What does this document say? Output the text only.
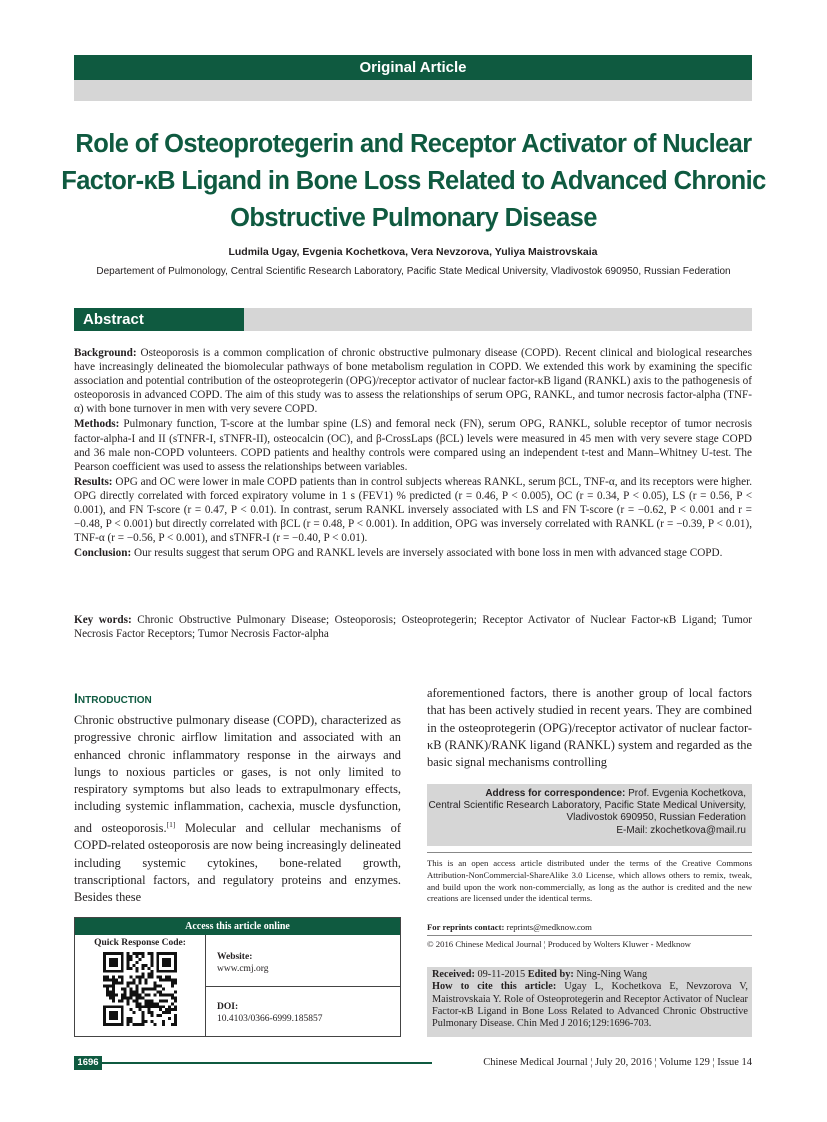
Original Article
Role of Osteoprotegerin and Receptor Activator of Nuclear Factor-κB Ligand in Bone Loss Related to Advanced Chronic Obstructive Pulmonary Disease
Ludmila Ugay, Evgenia Kochetkova, Vera Nevzorova, Yuliya Maistrovskaia
Departement of Pulmonology, Central Scientific Research Laboratory, Pacific State Medical University, Vladivostok 690950, Russian Federation
Abstract

Background: Osteoporosis is a common complication of chronic obstructive pulmonary disease (COPD). Recent clinical and biological researches have increasingly delineated the biomolecular pathways of bone metabolism regulation in COPD. We extended this work by examining the specific association and potential contribution of the osteoprotegerin (OPG)/receptor activator of nuclear factor-κB ligand (RANKL) axis to the pathogenesis of osteoporosis in advanced COPD. The aim of this study was to assess the relationships of serum OPG, RANKL, and tumor necrosis factor-alpha (TNF-α) with bone turnover in men with very severe COPD.

Methods: Pulmonary function, T-score at the lumbar spine (LS) and femoral neck (FN), serum OPG, RANKL, soluble receptor of tumor necrosis factor-alpha-I and II (sTNFR-I, sTNFR-II), osteocalcin (OC), and β-CrossLaps (βCL) levels were measured in 45 men with very severe stage COPD and 36 male non-COPD volunteers. COPD patients and healthy controls were compared using an independent t-test and Mann–Whitney U-test. The Pearson coefficient was used to assess the relationships between variables.

Results: OPG and OC were lower in male COPD patients than in control subjects whereas RANKL, serum βCL, TNF-α, and its receptors were higher. OPG directly correlated with forced expiratory volume in 1 s (FEV1) % predicted (r = 0.46, P < 0.005), OC (r = 0.34, P < 0.05), LS (r = 0.56, P < 0.001), and FN T-score (r = 0.47, P < 0.01). In contrast, serum RANKL inversely associated with LS and FN T-score (r = −0.62, P < 0.001 and r = −0.48, P < 0.001) but directly correlated with βCL (r = 0.48, P < 0.001). In addition, OPG was inversely correlated with RANKL (r = −0.39, P < 0.01), TNF-α (r = −0.56, P < 0.001), and sTNFR-I (r = −0.40, P < 0.01).

Conclusion: Our results suggest that serum OPG and RANKL levels are inversely associated with bone loss in men with advanced stage COPD.

Key words: Chronic Obstructive Pulmonary Disease; Osteoporosis; Osteoprotegerin; Receptor Activator of Nuclear Factor-κB Ligand; Tumor Necrosis Factor Receptors; Tumor Necrosis Factor-alpha
Introduction
Chronic obstructive pulmonary disease (COPD), characterized as progressive chronic airflow limitation and associated with an enhanced chronic inflammatory response in the airways and lungs to noxious particles or gases, is not only limited to respiratory symptoms but also leads to extrapulmonary effects, including systemic inflammation, cachexia, muscle dysfunction, and osteoporosis.[1] Molecular and cellular mechanisms of COPD-related osteoporosis are now being increasingly delineated including systemic cytokines, bone-related growth, transcriptional factors, and regulatory proteins and enzymes. Besides these
aforementioned factors, there is another group of local factors that has been actively studied in recent years. They are combined in the osteoprotegerin (OPG)/receptor activator of nuclear factor-κB (RANK)/RANK ligand (RANKL) system and regarded as the basic signal mechanisms controlling
Address for correspondence: Prof. Evgenia Kochetkova,
Central Scientific Research Laboratory, Pacific State Medical University,
Vladivostok 690950, Russian Federation
E-Mail: zkochetkova@mail.ru
This is an open access article distributed under the terms of the Creative Commons Attribution-NonCommercial-ShareAlike 3.0 License, which allows others to remix, tweak, and build upon the work non-commercially, as long as the author is credited and the new creations are licensed under the identical terms.
For reprints contact: reprints@medknow.com
© 2016 Chinese Medical Journal ¦ Produced by Wolters Kluwer - Medknow
Received: 09-11-2015 Edited by: Ning-Ning Wang
How to cite this article: Ugay L, Kochetkova E, Nevzorova V, Maistrovskaia Y. Role of Osteoprotegerin and Receptor Activator of Nuclear Factor-κB Ligand in Bone Loss Related to Advanced Chronic Obstructive Pulmonary Disease. Chin Med J 2016;129:1696-703.
Access this article online
Quick Response Code:
Website:
www.cmj.org
DOI:
10.4103/0366-6999.185857
1696	Chinese Medical Journal ¦ July 20, 2016 ¦ Volume 129 ¦ Issue 14
